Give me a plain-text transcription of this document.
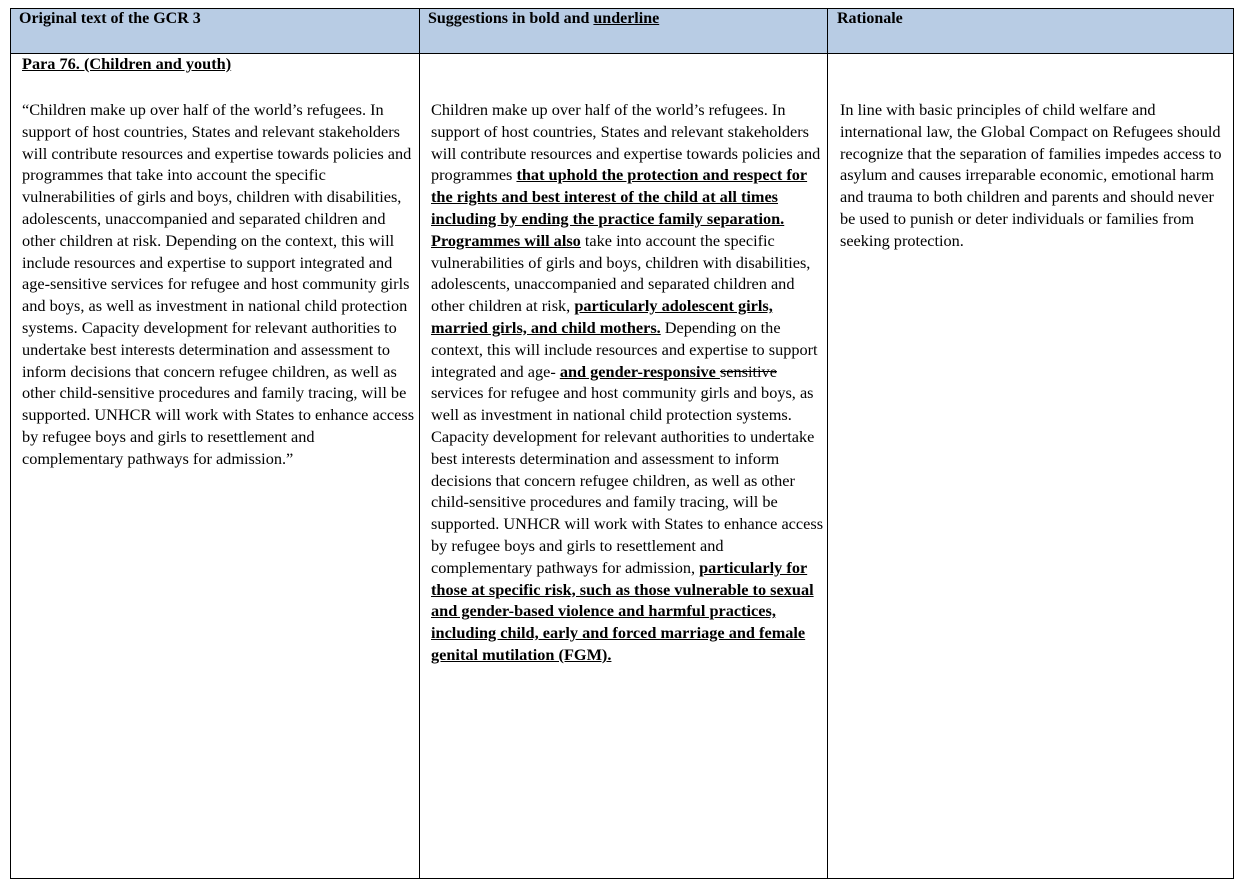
Original text of the GCR 3

Para 76. (Children and youth)

“Children make up over half of the world’s refugees. In support of host countries, States and relevant stakeholders will contribute resources and expertise towards policies and programmes that take into account the specific vulnerabilities of girls and boys, children with disabilities, adolescents, unaccompanied and separated children and other children at risk. Depending on the context, this will include resources and expertise to support integrated and age-sensitive services for refugee and host community girls and boys, as well as investment in national child protection systems. Capacity development for relevant authorities to undertake best interests determination and assessment to inform decisions that concern refugee children, as well as other child-sensitive procedures and family tracing, will be supported. UNHCR will work with States to enhance access by refugee boys and girls to resettlement and complementary pathways for admission.”

Suggestions in bold and underline

Children make up over half of the world’s refugees. In support of host countries, States and relevant stakeholders will contribute resources and expertise towards policies and programmes that uphold the protection and respect for the rights and best interest of the child at all times including by ending the practice family separation. Programmes will also take into account the specific vulnerabilities of girls and boys, children with disabilities, adolescents, unaccompanied and separated children and other children at risk, particularly adolescent girls, married girls, and child mothers. Depending on the context, this will include resources and expertise to support integrated and age- and gender-responsive sensitive services for refugee and host community girls and boys, as well as investment in national child protection systems. Capacity development for relevant authorities to undertake best interests determination and assessment to inform decisions that concern refugee children, as well as other child-sensitive procedures and family tracing, will be supported. UNHCR will work with States to enhance access by refugee boys and girls to resettlement and complementary pathways for admission, particularly for those at specific risk, such as those vulnerable to sexual and gender-based violence and harmful practices, including child, early and forced marriage and female genital mutilation (FGM).

Rationale

In line with basic principles of child welfare and international law, the Global Compact on Refugees should recognize that the separation of families impedes access to asylum and causes irreparable economic, emotional harm and trauma to both children and parents and should never be used to punish or deter individuals or families from seeking protection.
